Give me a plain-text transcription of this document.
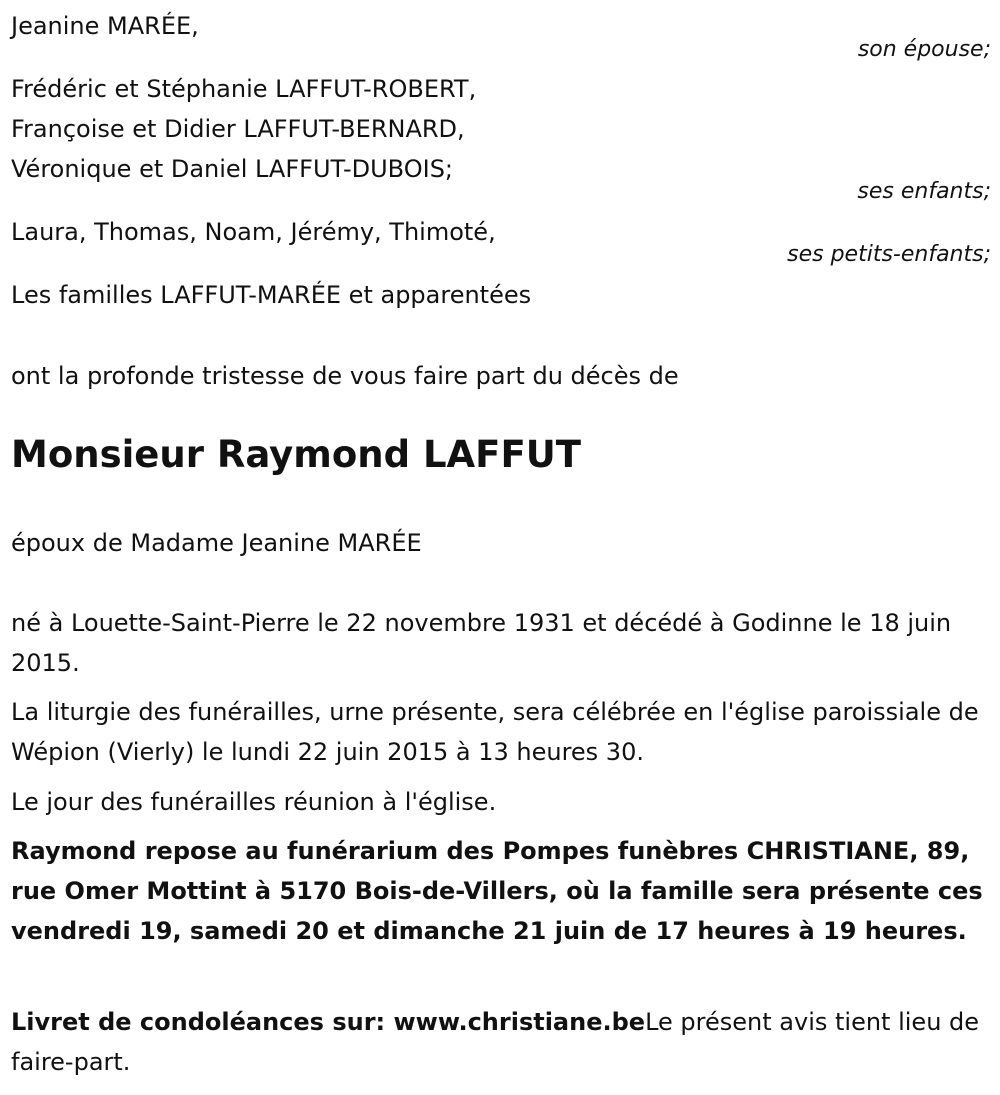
Jeanine MARÉE,
son épouse;
Frédéric et Stéphanie LAFFUT-ROBERT,
Françoise et Didier LAFFUT-BERNARD,
Véronique et Daniel LAFFUT-DUBOIS;
ses enfants;
Laura, Thomas, Noam, Jérémy, Thimoté,
ses petits-enfants;
Les familles LAFFUT-MARÉE et apparentées
ont la profonde tristesse de vous faire part du décès de
Monsieur Raymond LAFFUT
époux de Madame Jeanine MARÉE
né à Louette-Saint-Pierre le 22 novembre 1931 et décédé à Godinne le 18 juin 2015.
La liturgie des funérailles, urne présente, sera célébrée en l'église paroissiale de Wépion (Vierly) le lundi 22 juin 2015 à 13 heures 30.
Le jour des funérailles réunion à l'église.
Raymond repose au funérarium des Pompes funèbres CHRISTIANE, 89, rue Omer Mottint à 5170 Bois-de-Villers, où la famille sera présente ces vendredi 19, samedi 20 et dimanche 21 juin de 17 heures à 19 heures.
Livret de condoléances sur: www.christiane.beLe présent avis tient lieu de faire-part.
